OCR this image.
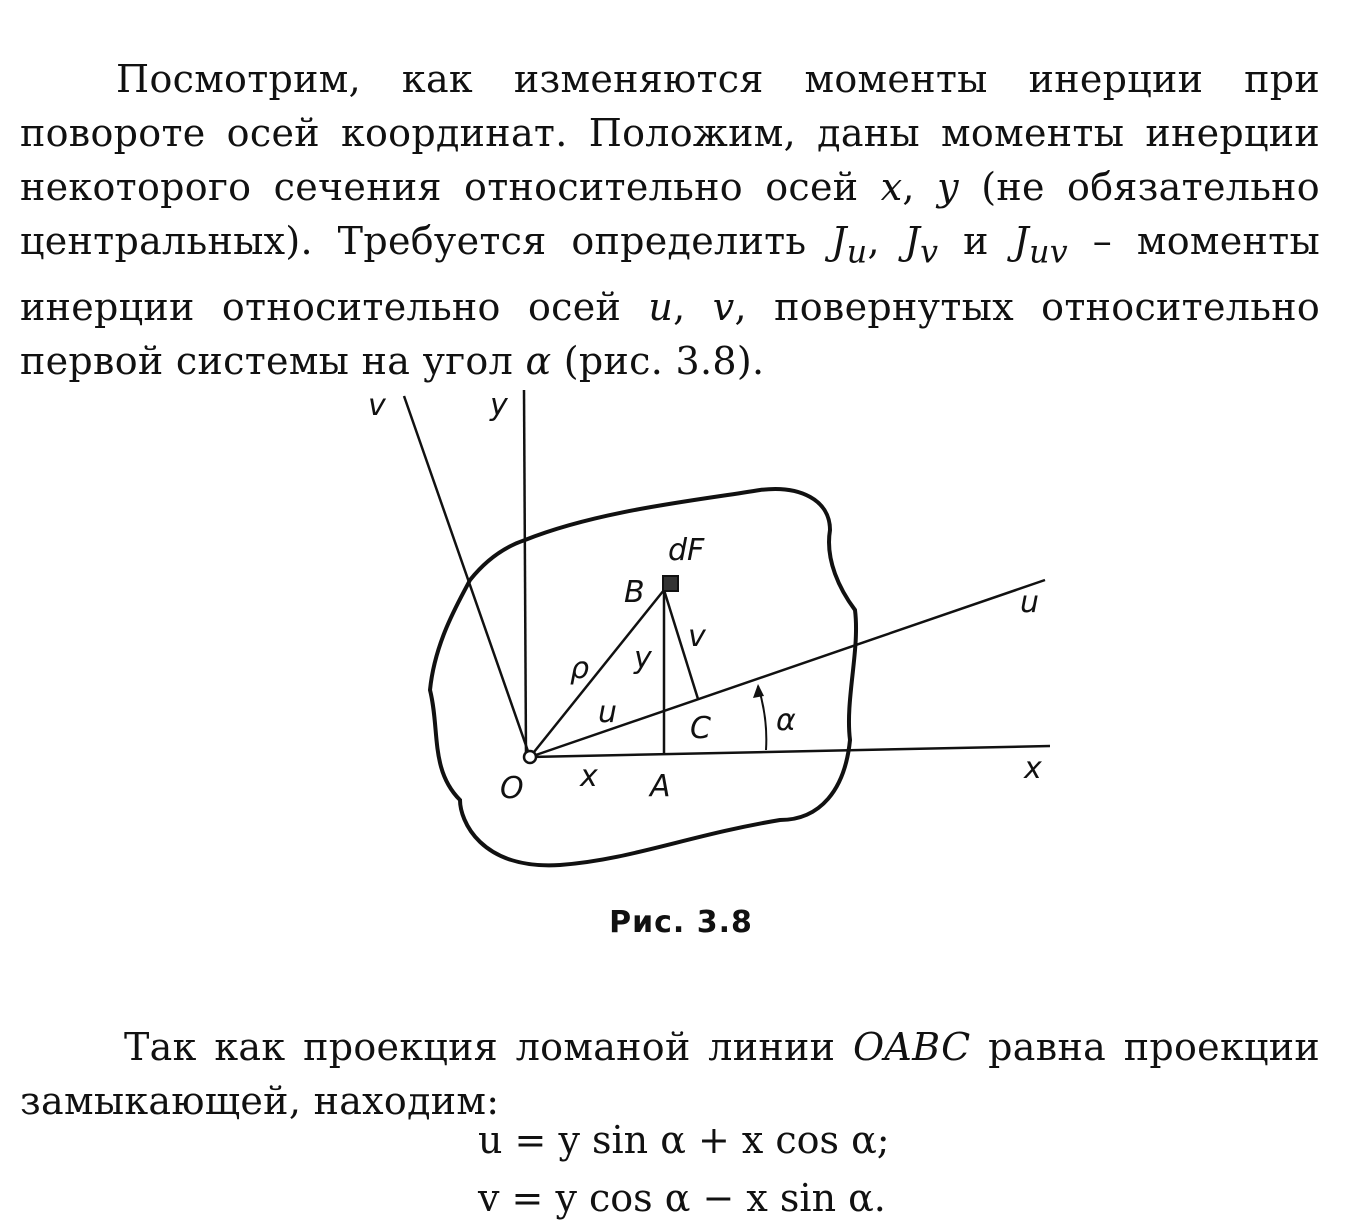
Посмотрим, как изменяются моменты инерции при повороте осей координат. Положим, даны моменты инерции некоторого сечения относительно осей x, y (не обязательно центральных). Требуется определить $J_u$, $J_v$ и $J_{uv}$ – моменты инерции относительно осей u, v, повернутых относительно первой системы на угол α (рис. 3.8).

v	y
dF
B
ρ y
v
u
u C α
O x A
x
Рис. 3.8

Так как проекция ломаной линии OABC равна проекции замыкающей, находим:

u = y sin α + x cos α;
v = y cos α − x sin α.
